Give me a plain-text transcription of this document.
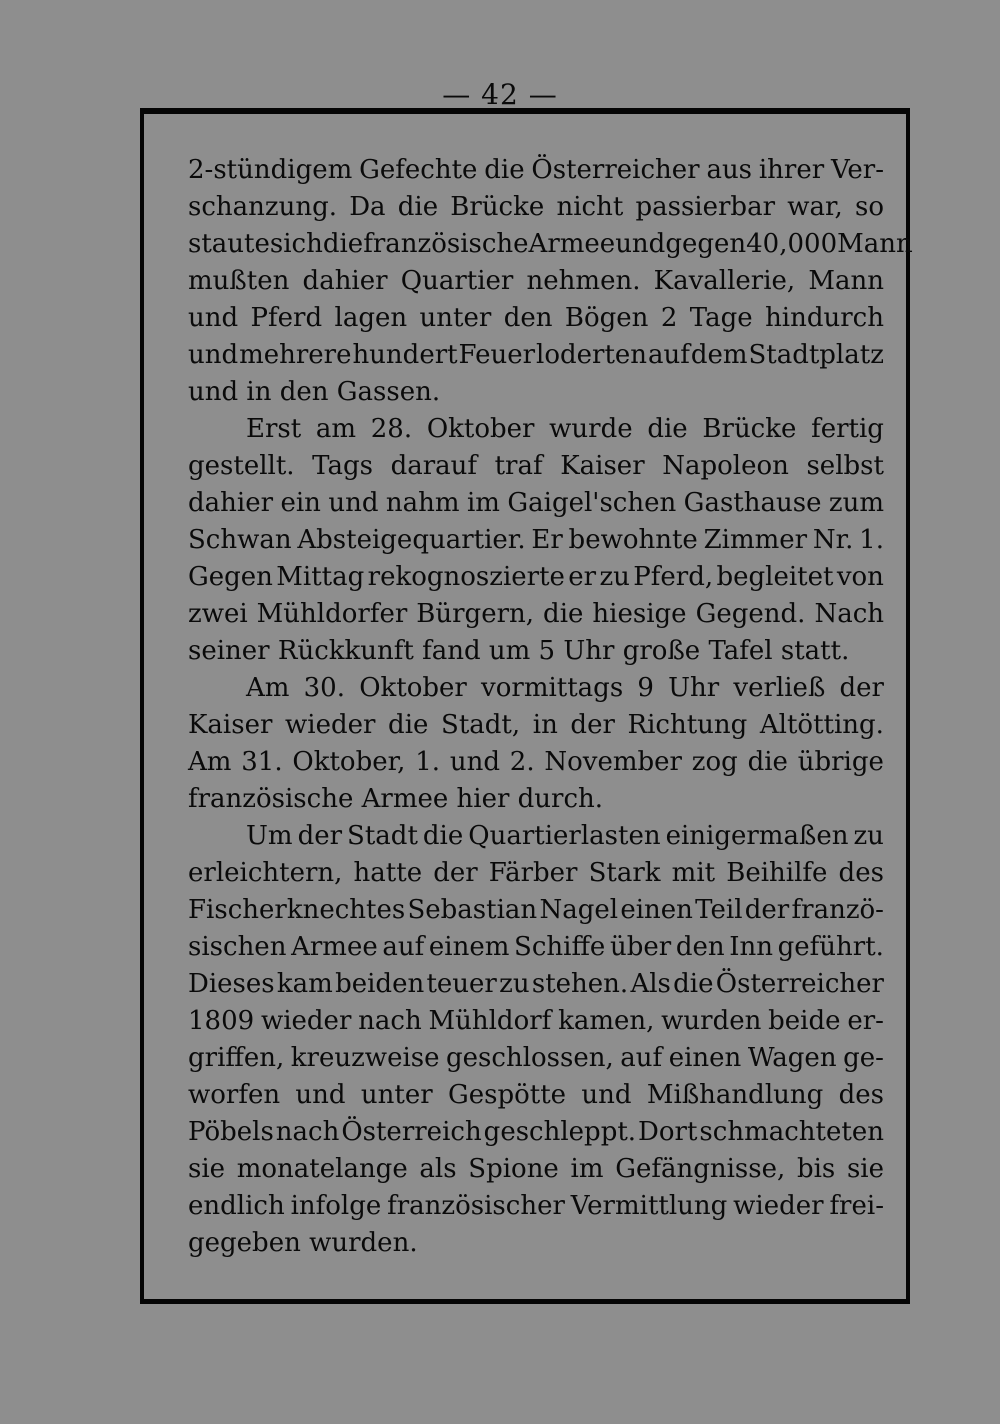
— 42 —
2-stündigem Gefechte die Österreicher aus ihrer Ver-
schanzung. Da die Brücke nicht passierbar war, so
staute sich die französische Armee und gegen 40,000 Mann
mußten dahier Quartier nehmen. Kavallerie, Mann
und Pferd lagen unter den Bögen 2 Tage hindurch
und mehrere hundert Feuer loderten auf dem Stadtplatz
und in den Gassen.
Erst am 28. Oktober wurde die Brücke fertig
gestellt. Tags darauf traf Kaiser Napoleon selbst
dahier ein und nahm im Gaigel'schen Gasthause zum
Schwan Absteigequartier. Er bewohnte Zimmer Nr. 1.
Gegen Mittag rekognoszierte er zu Pferd, begleitet von
zwei Mühldorfer Bürgern, die hiesige Gegend. Nach
seiner Rückkunft fand um 5 Uhr große Tafel statt.
Am 30. Oktober vormittags 9 Uhr verließ der
Kaiser wieder die Stadt, in der Richtung Altötting.
Am 31. Oktober, 1. und 2. November zog die übrige
französische Armee hier durch.
Um der Stadt die Quartierlasten einigermaßen zu
erleichtern, hatte der Färber Stark mit Beihilfe des
Fischerknechtes Sebastian Nagel einen Teil der franzö-
sischen Armee auf einem Schiffe über den Inn geführt.
Dieses kam beiden teuer zu stehen. Als die Österreicher
1809 wieder nach Mühldorf kamen, wurden beide er-
griffen, kreuzweise geschlossen, auf einen Wagen ge-
worfen und unter Gespötte und Mißhandlung des
Pöbels nach Österreich geschleppt. Dort schmachteten
sie monatelange als Spione im Gefängnisse, bis sie
endlich infolge französischer Vermittlung wieder frei-
gegeben wurden.
